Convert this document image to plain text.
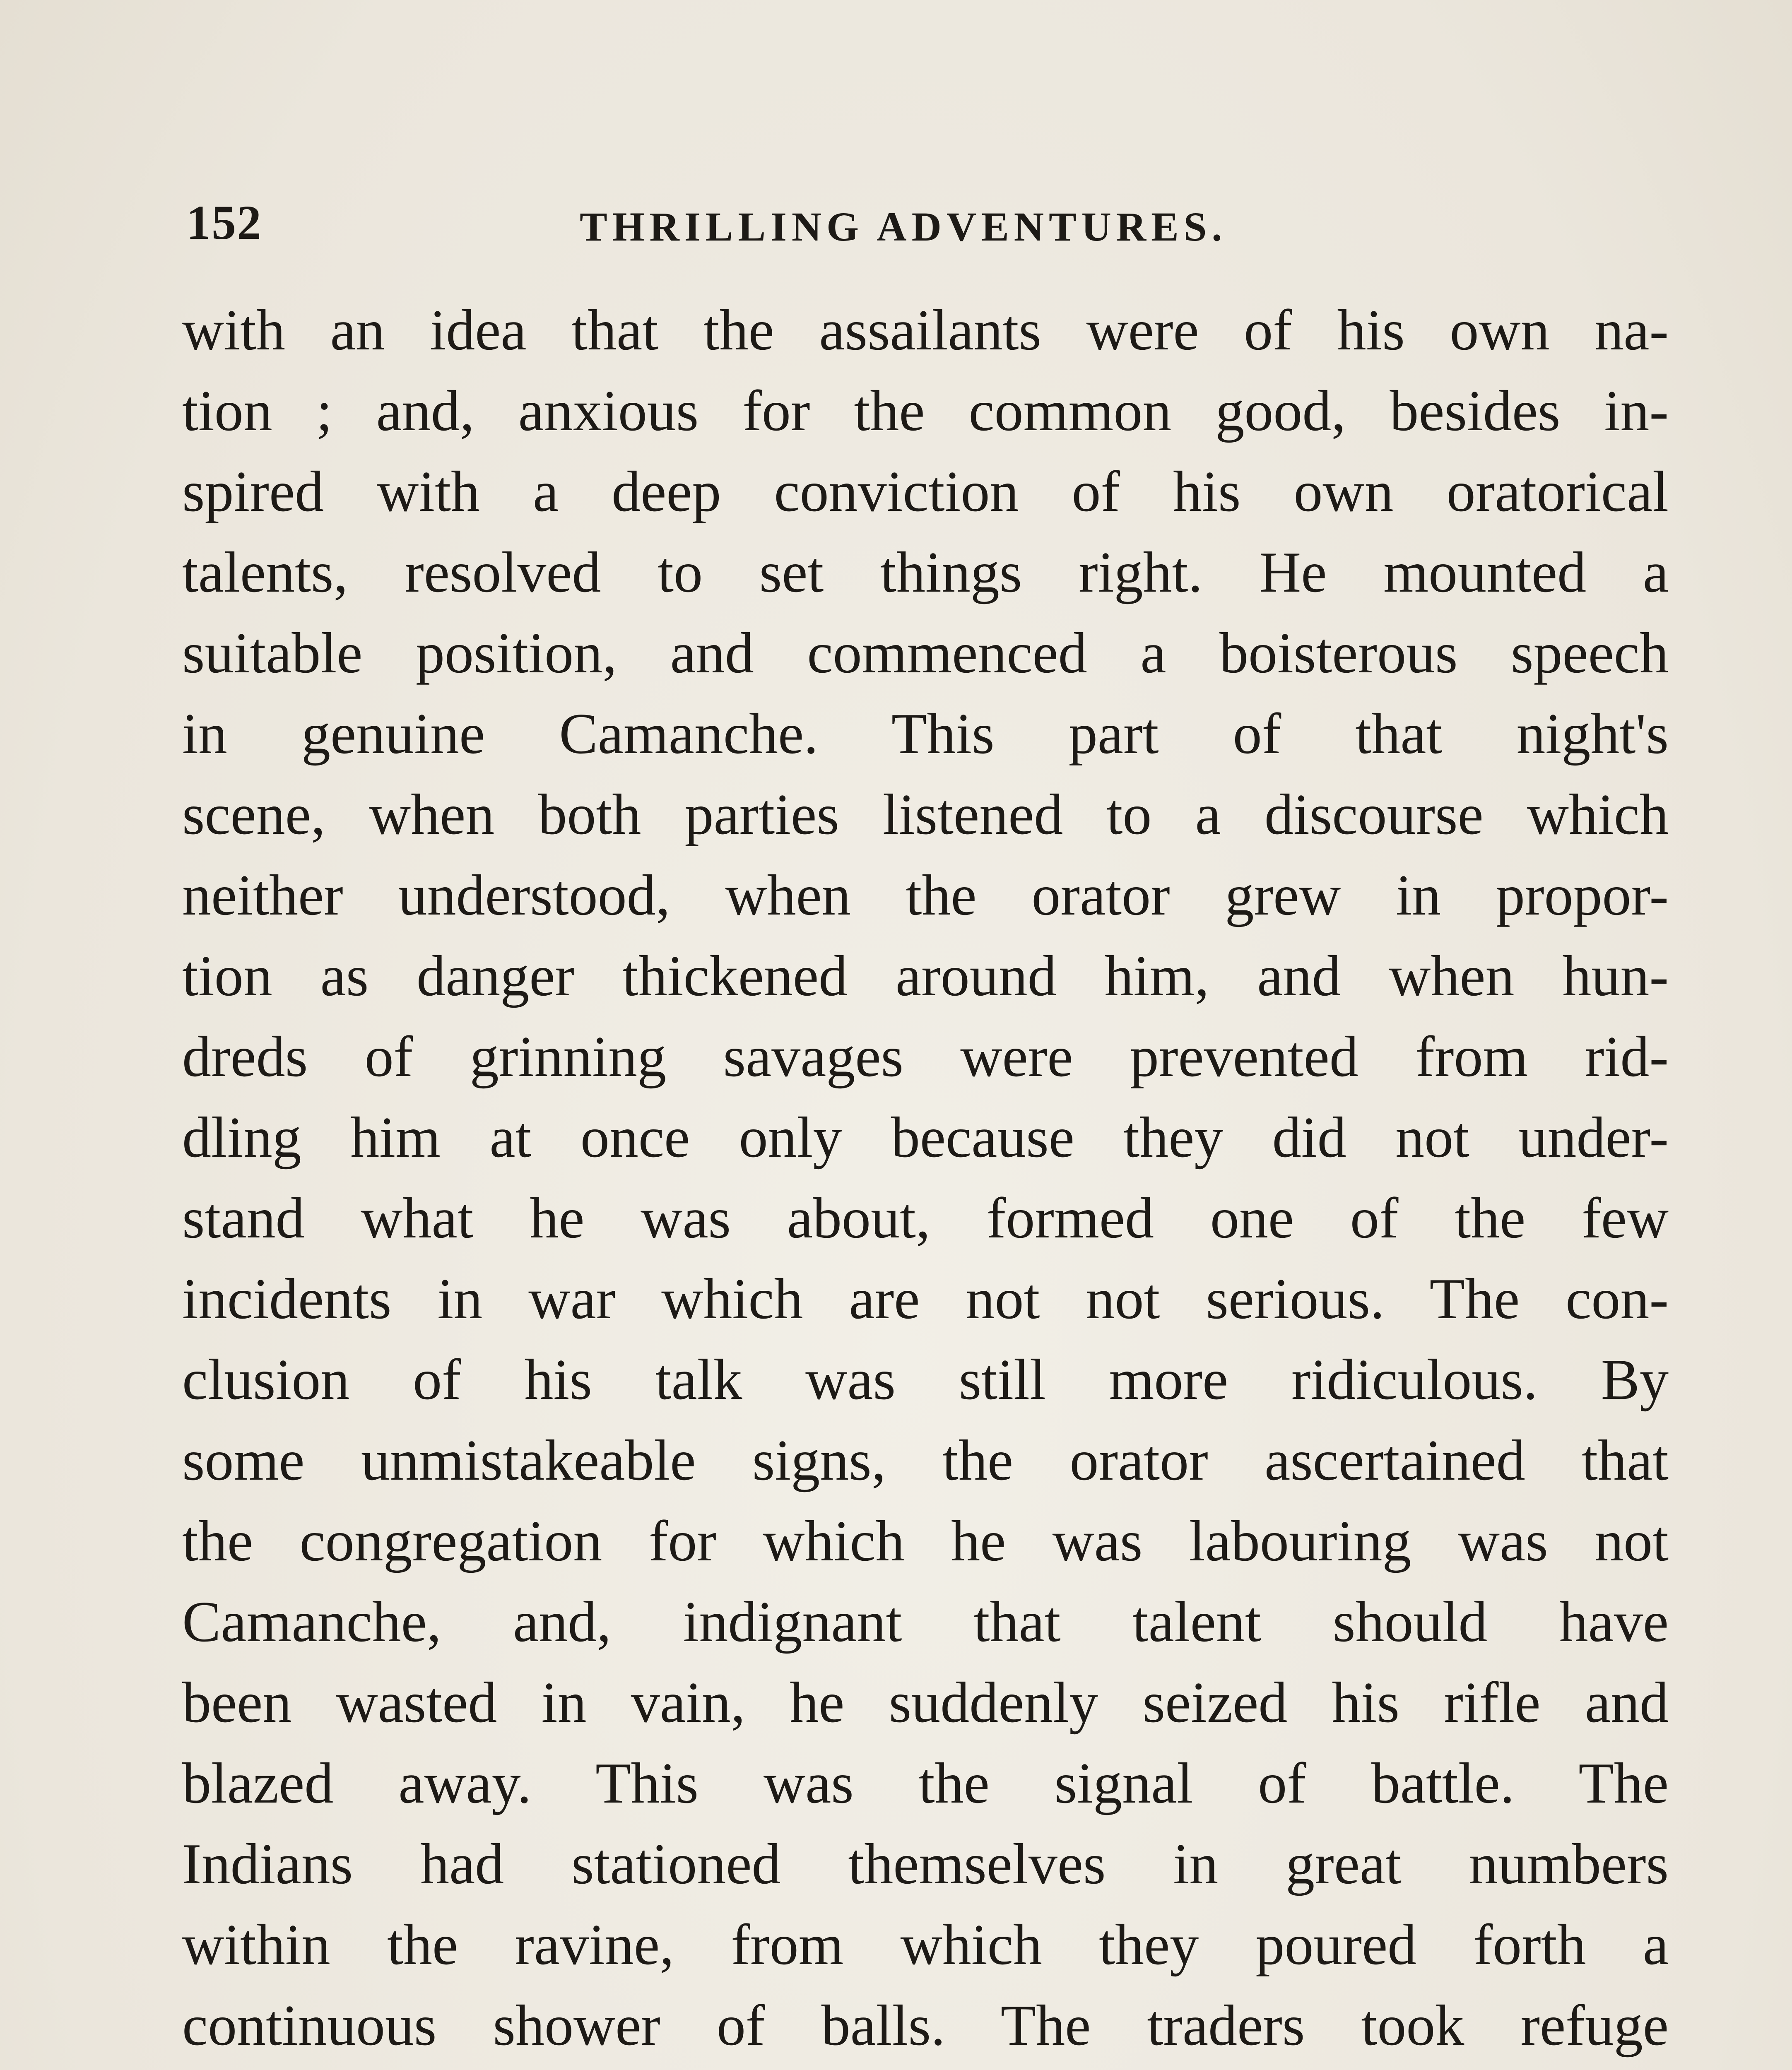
152	THRILLING ADVENTURES.
with an idea that the assailants were of his own na-
tion ; and, anxious for the common good, besides in-
spired with a deep conviction of his own oratorical
talents, resolved to set things right. He mounted a
suitable position, and commenced a boisterous speech
in genuine Camanche. This part of that night's
scene, when both parties listened to a discourse which
neither understood, when the orator grew in propor-
tion as danger thickened around him, and when hun-
dreds of grinning savages were prevented from rid-
dling him at once only because they did not under-
stand what he was about, formed one of the few
incidents in war which are not not serious. The con-
clusion of his talk was still more ridiculous. By
some unmistakeable signs, the orator ascertained that
the congregation for which he was labouring was not
Camanche, and, indignant that talent should have
been wasted in vain, he suddenly seized his rifle and
blazed away. This was the signal of battle. The
Indians had stationed themselves in great numbers
within the ravine, from which they poured forth a
continuous shower of balls. The traders took refuge
